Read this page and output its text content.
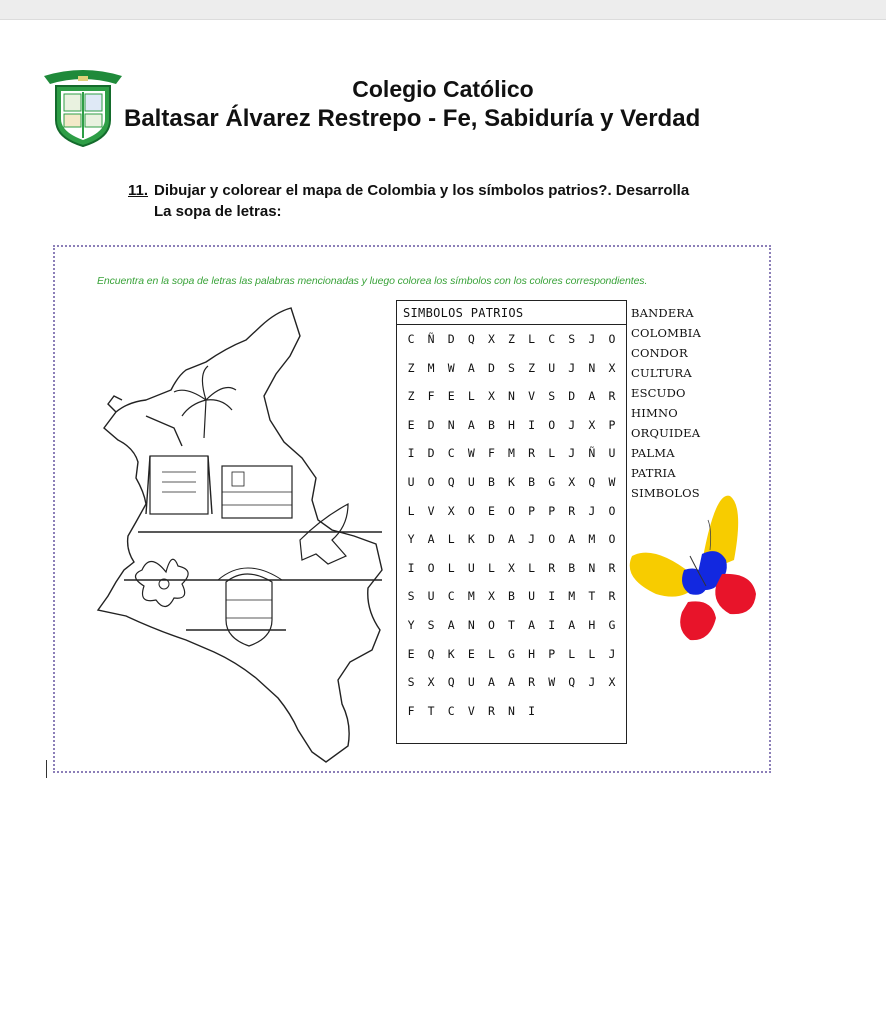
Colegio Católico
Baltasar Álvarez Restrepo - Fe, Sabiduría y Verdad
11. Dibujar y colorear el mapa de Colombia y los símbolos patrios?. Desarrolla
La sopa de letras:
Encuentra en la sopa de letras las palabras mencionadas y luego colorea los símbolos con los colores correspondientes.
SIMBOLOS PATRIOS
C	Ñ	D	Q	X	Z	L	C	S	J	O
Z	M	W	A	D	S	Z	U	J	N	X
Z	F	E	L	X	N	V	S	D	A	R
E	D	N	A	B	H	I	O	J	X	P
I	D	C	W	F	M	R	L	J	Ñ	U
U	O	Q	U	B	K	B	G	X	Q	W
L	V	X	O	E	O	P	P	R	J	O
Y	A	L	K	D	A	J	O	A	M	O
I	O	L	U	L	X	L	R	B	N	R
S	U	C	M	X	B	U	I	M	T	R
Y	S	A	N	O	T	A	I	A	H	G
E	Q	K	E	L	G	H	P	L	L	J
S	X	Q	U	A	A	R	W	Q	J	X
F	T	C	V	R	N	I
BANDERA
COLOMBIA
CONDOR
CULTURA
ESCUDO
HIMNO
ORQUIDEA
PALMA
PATRIA
SIMBOLOS
